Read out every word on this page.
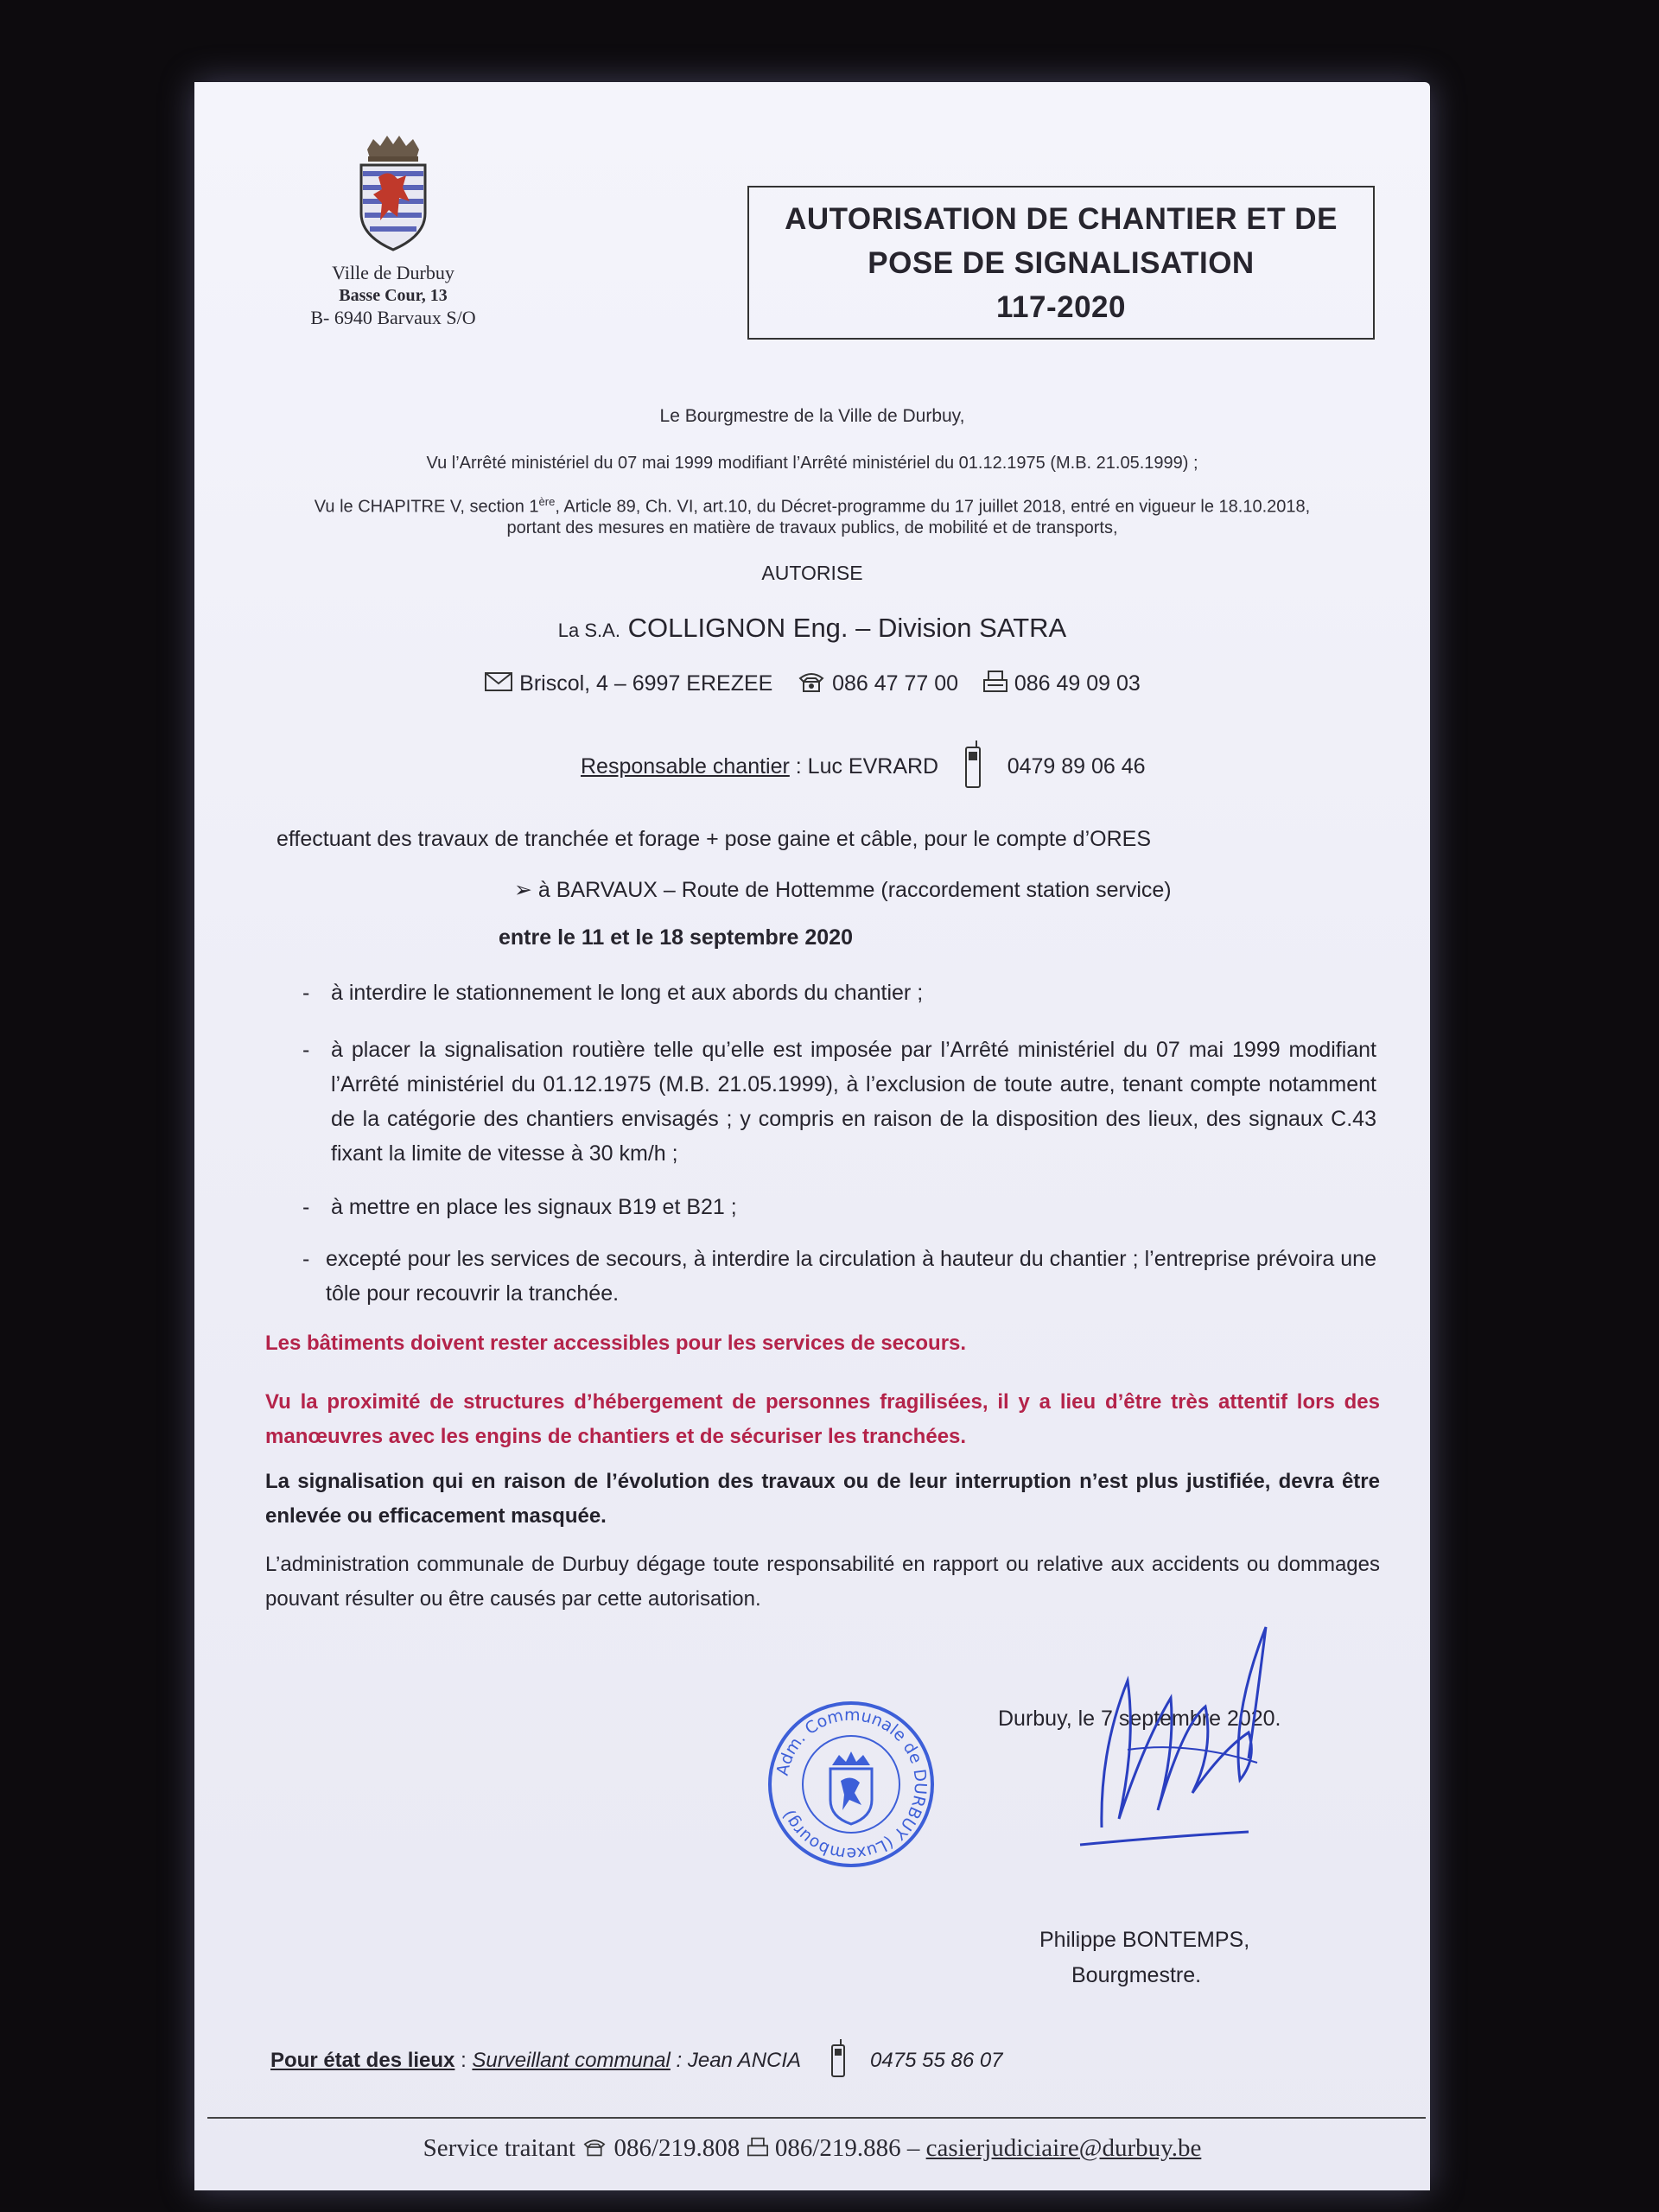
Ville de Durbuy
Basse Cour, 13
B- 6940 Barvaux S/O
AUTORISATION DE CHANTIER ET DE
POSE DE SIGNALISATION
117-2020
Le Bourgmestre de la Ville de Durbuy,
Vu l’Arrêté ministériel du 07 mai 1999 modifiant l’Arrêté ministériel du 01.12.1975 (M.B. 21.05.1999) ;
Vu le CHAPITRE V, section 1ère, Article 89, Ch. VI, art.10, du Décret-programme du 17 juillet 2018, entré en vigueur le 18.10.2018,
portant des mesures en matière de travaux publics, de mobilité et de transports,
AUTORISE
La S.A. COLLIGNON Eng. – Division SATRA
Briscol, 4 – 6997 EREZEE	086 47 77 00	086 49 09 03
Responsable chantier : Luc EVRARD	0479 89 06 46
effectuant des travaux de tranchée et forage + pose gaine et câble, pour le compte d’ORES
➢ à BARVAUX – Route de Hottemme (raccordement station service)
entre le 11 et le 18 septembre 2020
- à interdire le stationnement le long et aux abords du chantier ;
- à placer la signalisation routière telle qu’elle est imposée par l’Arrêté ministériel du 07 mai 1999 modifiant l’Arrêté ministériel du 01.12.1975 (M.B. 21.05.1999), à l’exclusion de toute autre, tenant compte notamment de la catégorie des chantiers envisagés ; y compris en raison de la disposition des lieux, des signaux C.43 fixant la limite de vitesse à 30 km/h ;
- à mettre en place les signaux B19 et B21 ;
- excepté pour les services de secours, à interdire la circulation à hauteur du chantier ; l’entreprise prévoira une tôle pour recouvrir la tranchée.
Les bâtiments doivent rester accessibles pour les services de secours.
Vu la proximité de structures d’hébergement de personnes fragilisées, il y a lieu d’être très attentif lors des manœuvres avec les engins de chantiers et de sécuriser les tranchées.
La signalisation qui en raison de l’évolution des travaux ou de leur interruption n’est plus justifiée, devra être enlevée ou efficacement masquée.
L’administration communale de Durbuy dégage toute responsabilité en rapport ou relative aux accidents ou dommages pouvant résulter ou être causés par cette autorisation.
Adm. Communale de DURBUY (Luxembourg)
Durbuy, le 7 septembre 2020.
Philippe BONTEMPS,
Bourgmestre.
Pour état des lieux : Surveillant communal : Jean ANCIA	0475 55 86 07
Service traitant 086/219.808 086/219.886 – casierjudiciaire@durbuy.be
